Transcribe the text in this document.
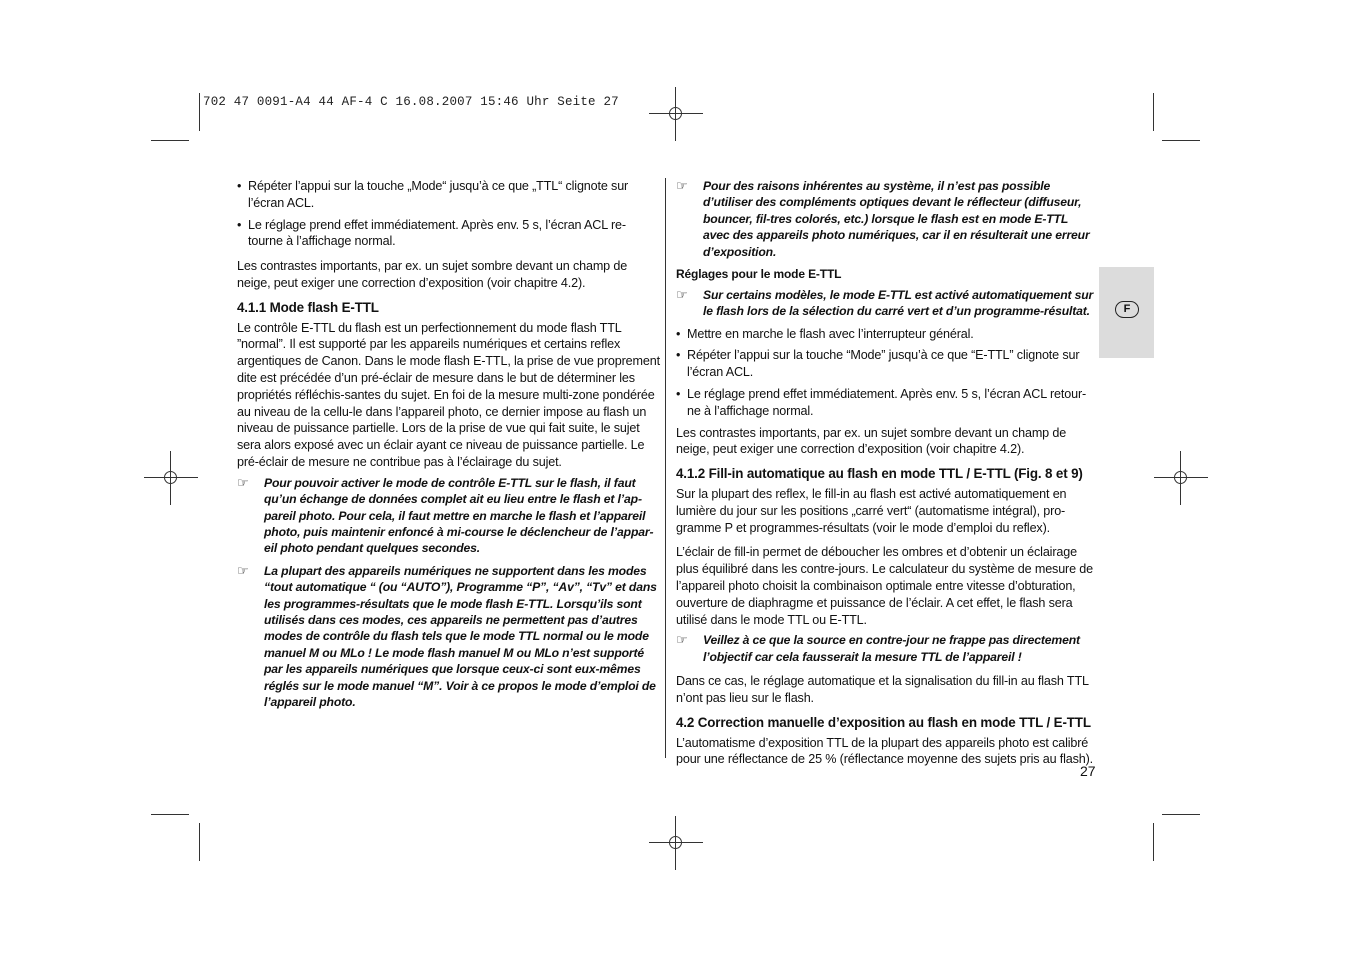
702 47 0091-A4 44 AF-4 C 16.08.2007 15:46 Uhr Seite 27
• Répéter l’appui sur la touche „Mode“ jusqu’à ce que „TTL“ clignote sur l’écran ACL.
• Le réglage prend effet immédiatement. Après env. 5 s, l’écran ACL re-tourne à l’affichage normal.

Les contrastes importants, par ex. un sujet sombre devant un champ de neige, peut exiger une correction d’exposition (voir chapitre 4.2).

4.1.1 Mode flash E-TTL

Le contrôle E-TTL du flash est un perfectionnement du mode flash TTL ”normal”. Il est supporté par les appareils numériques et certains reflex argentiques de Canon. Dans le mode flash E-TTL, la prise de vue proprement dite est précédée d’un pré-éclair de mesure dans le but de déterminer les propriétés réfléchis-santes du sujet. En foi de la mesure multi-zone pondérée au niveau de la cellu-le dans l’appareil photo, ce dernier impose au flash un niveau de puissance partielle. Lors de la prise de vue qui fait suite, le sujet sera alors exposé avec un éclair ayant ce niveau de puissance partielle. Le pré-éclair de mesure ne contribue pas à l’éclairage du sujet.

☞ Pour pouvoir activer le mode de contrôle E-TTL sur le flash, il faut qu’un échange de données complet ait eu lieu entre le flash et l’ap-pareil photo. Pour cela, il faut mettre en marche le flash et l’appareil photo, puis maintenir enfoncé à mi-course le déclencheur de l’appar-eil photo pendant quelques secondes.
☞ La plupart des appareils numériques ne supportent dans les modes “tout automatique “ (ou “AUTO”), Programme “P”, “Av”, “Tv” et dans les programmes-résultats que le mode flash E-TTL. Lorsqu’ils sont utilisés dans ces modes, ces appareils ne permettent pas d’autres modes de contrôle du flash tels que le mode TTL normal ou le mode manuel M ou MLo ! Le mode flash manuel M ou MLo n’est supporté par les appareils numériques que lorsque ceux-ci sont eux-mêmes réglés sur le mode manuel “M”. Voir à ce propos le mode d’emploi de l’appareil photo.
☞ Pour des raisons inhérentes au système, il n’est pas possible d’utiliser des compléments optiques devant le réflecteur (diffuseur, bouncer, fil-tres colorés, etc.) lorsque le flash est en mode E-TTL avec des appareils photo numériques, car il en résulterait une erreur d’exposition.
Réglages pour le mode E-TTL
☞ Sur certains modèles, le mode E-TTL est activé automatiquement sur le flash lors de la sélection du carré vert et d’un programme-résultat.
• Mettre en marche le flash avec l’interrupteur général.
• Répéter l’appui sur la touche “Mode” jusqu’à ce que “E-TTL” clignote sur l’écran ACL.
• Le réglage prend effet immédiatement. Après env. 5 s, l’écran ACL retour-ne à l’affichage normal.

Les contrastes importants, par ex. un sujet sombre devant un champ de neige, peut exiger une correction d’exposition (voir chapitre 4.2).

4.1.2 Fill-in automatique au flash en mode TTL / E-TTL (Fig. 8 et 9)

Sur la plupart des reflex, le fill-in au flash est activé automatiquement en lumière du jour sur les positions „carré vert“ (automatisme intégral), pro-gramme P et programmes-résultats (voir le mode d’emploi du reflex).

L’éclair de fill-in permet de déboucher les ombres et d’obtenir un éclairage plus équilibré dans les contre-jours. Le calculateur du système de mesure de l’appareil photo choisit la combinaison optimale entre vitesse d’obturation, ouverture de diaphragme et puissance de l’éclair. A cet effet, le flash sera utilisé dans le mode TTL ou E-TTL.

☞ Veillez à ce que la source en contre-jour ne frappe pas directement l’objectif car cela fausserait la mesure TTL de l’appareil !

Dans ce cas, le réglage automatique et la signalisation du fill-in au flash TTL n’ont pas lieu sur le flash.

4.2 Correction manuelle d’exposition au flash en mode TTL / E-TTL

L’automatisme d’exposition TTL de la plupart des appareils photo est calibré pour une réflectance de 25 % (réflectance moyenne des sujets pris au flash).

F
27
